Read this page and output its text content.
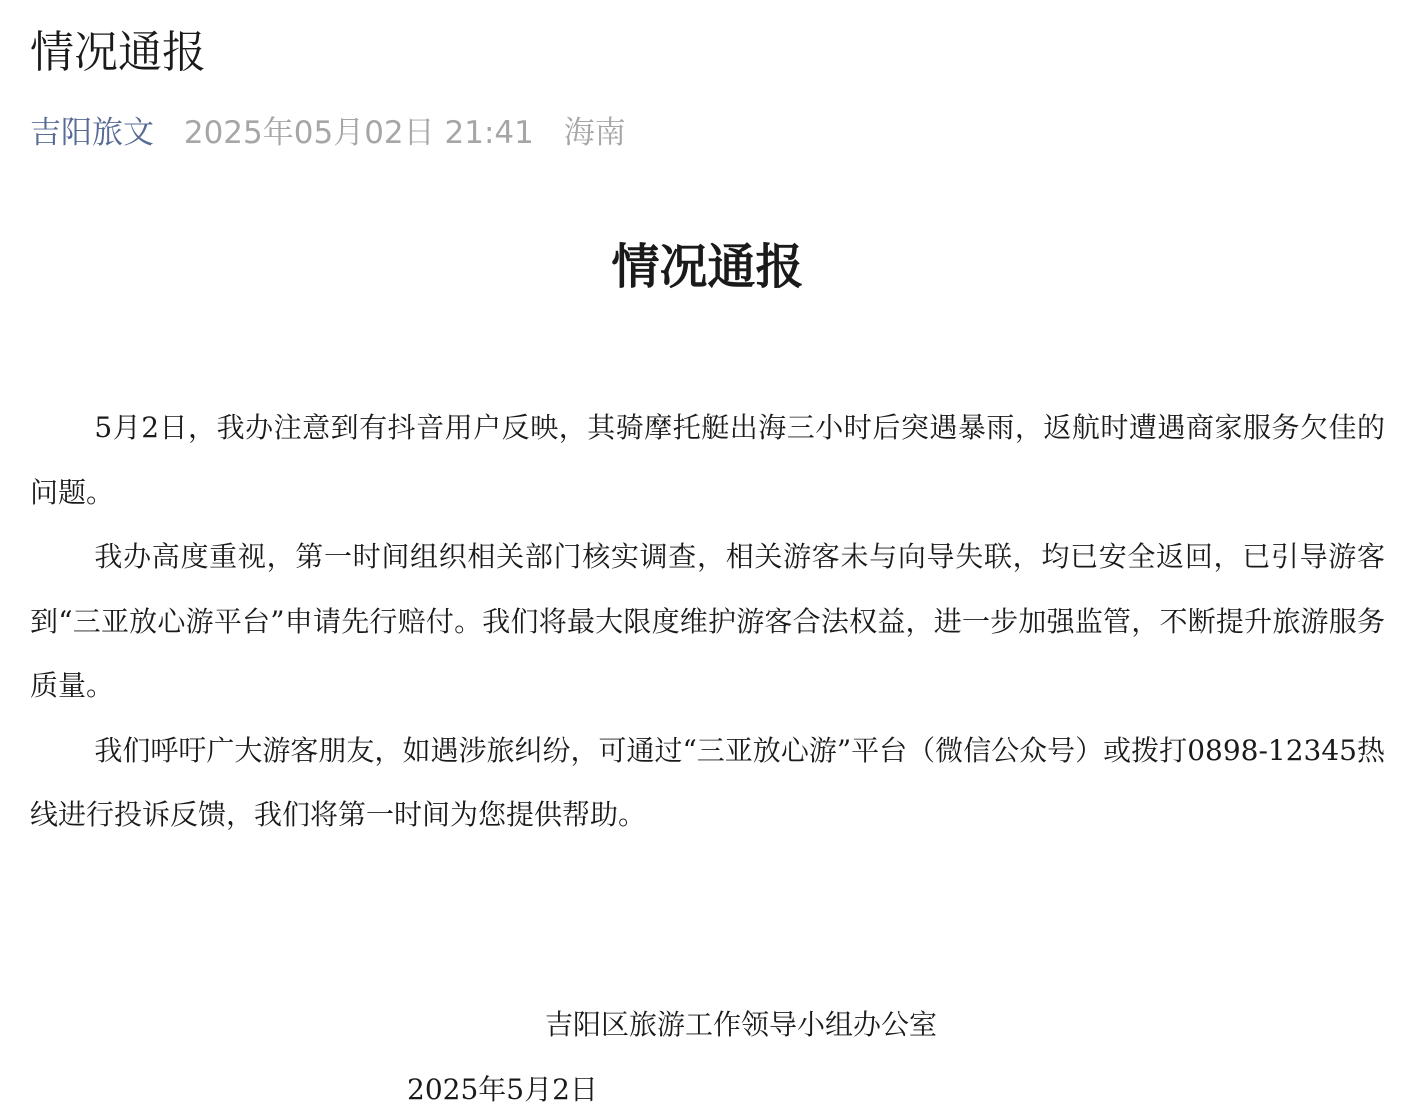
情况通报
吉阳旅文 2025年05月02日 21:41 海南
情况通报

5月2日，我办注意到有抖音用户反映，其骑摩托艇出海三小时后突遇暴雨，返航时遭遇商家服务欠佳的问题。

我办高度重视，第一时间组织相关部门核实调查，相关游客未与向导失联，均已安全返回，已引导游客到“三亚放心游平台”申请先行赔付。我们将最大限度维护游客合法权益，进一步加强监管，不断提升旅游服务质量。

我们呼吁广大游客朋友，如遇涉旅纠纷，可通过“三亚放心游”平台（微信公众号）或拨打0898-12345热线进行投诉反馈，我们将第一时间为您提供帮助。

吉阳区旅游工作领导小组办公室
2025年5月2日
